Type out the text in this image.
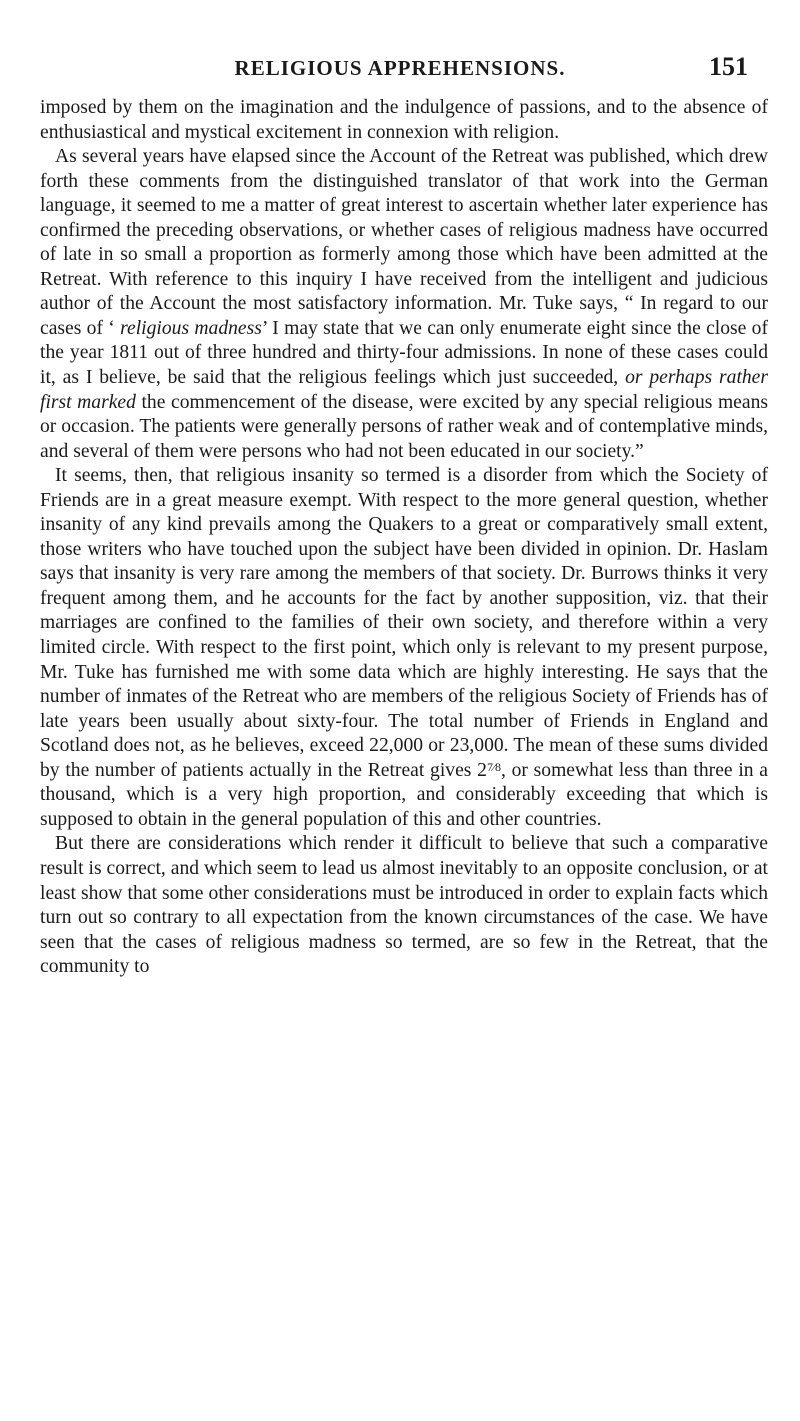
RELIGIOUS APPREHENSIONS.	151

imposed by them on the imagination and the indulgence of passions, and to the absence of enthusiastical and mystical excitement in connexion with religion.

As several years have elapsed since the Account of the Retreat was published, which drew forth these comments from the distinguished translator of that work into the German language, it seemed to me a matter of great interest to ascertain whether later experience has confirmed the preceding observations, or whether cases of religious madness have occurred of late in so small a proportion as formerly among those which have been admitted at the Retreat. With reference to this inquiry I have received from the intelligent and judicious author of the Account the most satisfactory information. Mr. Tuke says, “ In regard to our cases of ‘ religious madness’ I may state that we can only enumerate eight since the close of the year 1811 out of three hundred and thirty-four admissions. In none of these cases could it, as I believe, be said that the religious feelings which just succeeded, or perhaps rather first marked the commencement of the disease, were excited by any special religious means or occasion. The patients were generally persons of rather weak and of contemplative minds, and several of them were persons who had not been educated in our society.”

It seems, then, that religious insanity so termed is a disorder from which the Society of Friends are in a great measure exempt. With respect to the more general question, whether insanity of any kind prevails among the Quakers to a great or comparatively small extent, those writers who have touched upon the subject have been divided in opinion. Dr. Haslam says that insanity is very rare among the members of that society. Dr. Burrows thinks it very frequent among them, and he accounts for the fact by another supposition, viz. that their marriages are confined to the families of their own society, and therefore within a very limited circle. With respect to the first point, which only is relevant to my present purpose, Mr. Tuke has furnished me with some data which are highly interesting. He says that the number of inmates of the Retreat who are members of the religious Society of Friends has of late years been usually about sixty-four. The total number of Friends in England and Scotland does not, as he believes, exceed 22,000 or 23,000. The mean of these sums divided by the number of patients actually in the Retreat gives $2^{7⁄8}$, or somewhat less than three in a thousand, which is a very high proportion, and considerably exceeding that which is supposed to obtain in the general population of this and other countries.

But there are considerations which render it difficult to believe that such a comparative result is correct, and which seem to lead us almost inevitably to an opposite conclusion, or at least show that some other considerations must be introduced in order to explain facts which turn out so contrary to all expectation from the known circumstances of the case. We have seen that the cases of religious madness so termed, are so few in the Retreat, that the community to
